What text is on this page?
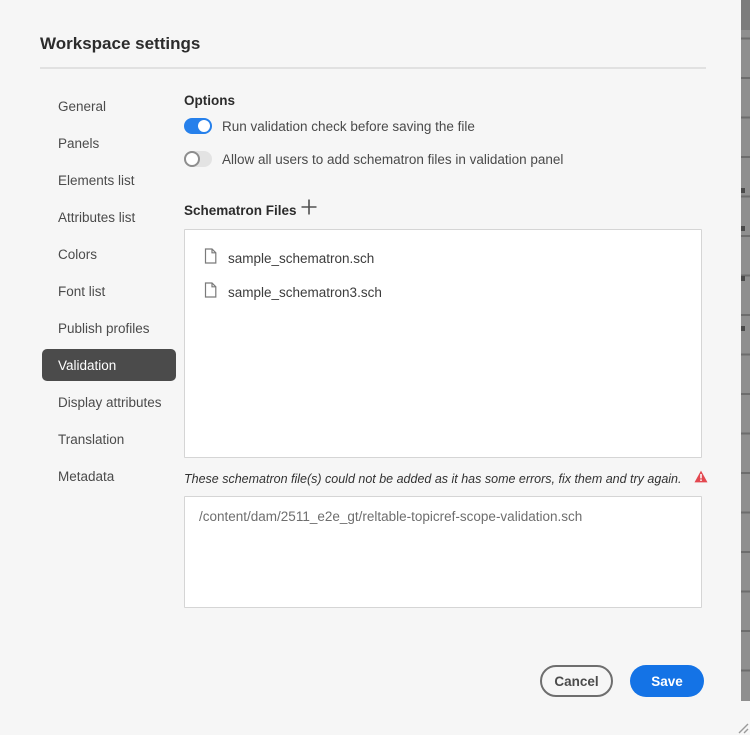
Workspace settings
General
Panels
Elements list
Attributes list
Colors
Font list
Publish profiles
Validation
Display attributes
Translation
Metadata
Options
Run validation check before saving the file
Allow all users to add schematron files in validation panel
Schematron Files
sample_schematron.sch
sample_schematron3.sch
These schematron file(s) could not be added as it has some errors, fix them and try again.
/content/dam/2511_e2e_gt/reltable-topicref-scope-validation.sch
Cancel	Save
